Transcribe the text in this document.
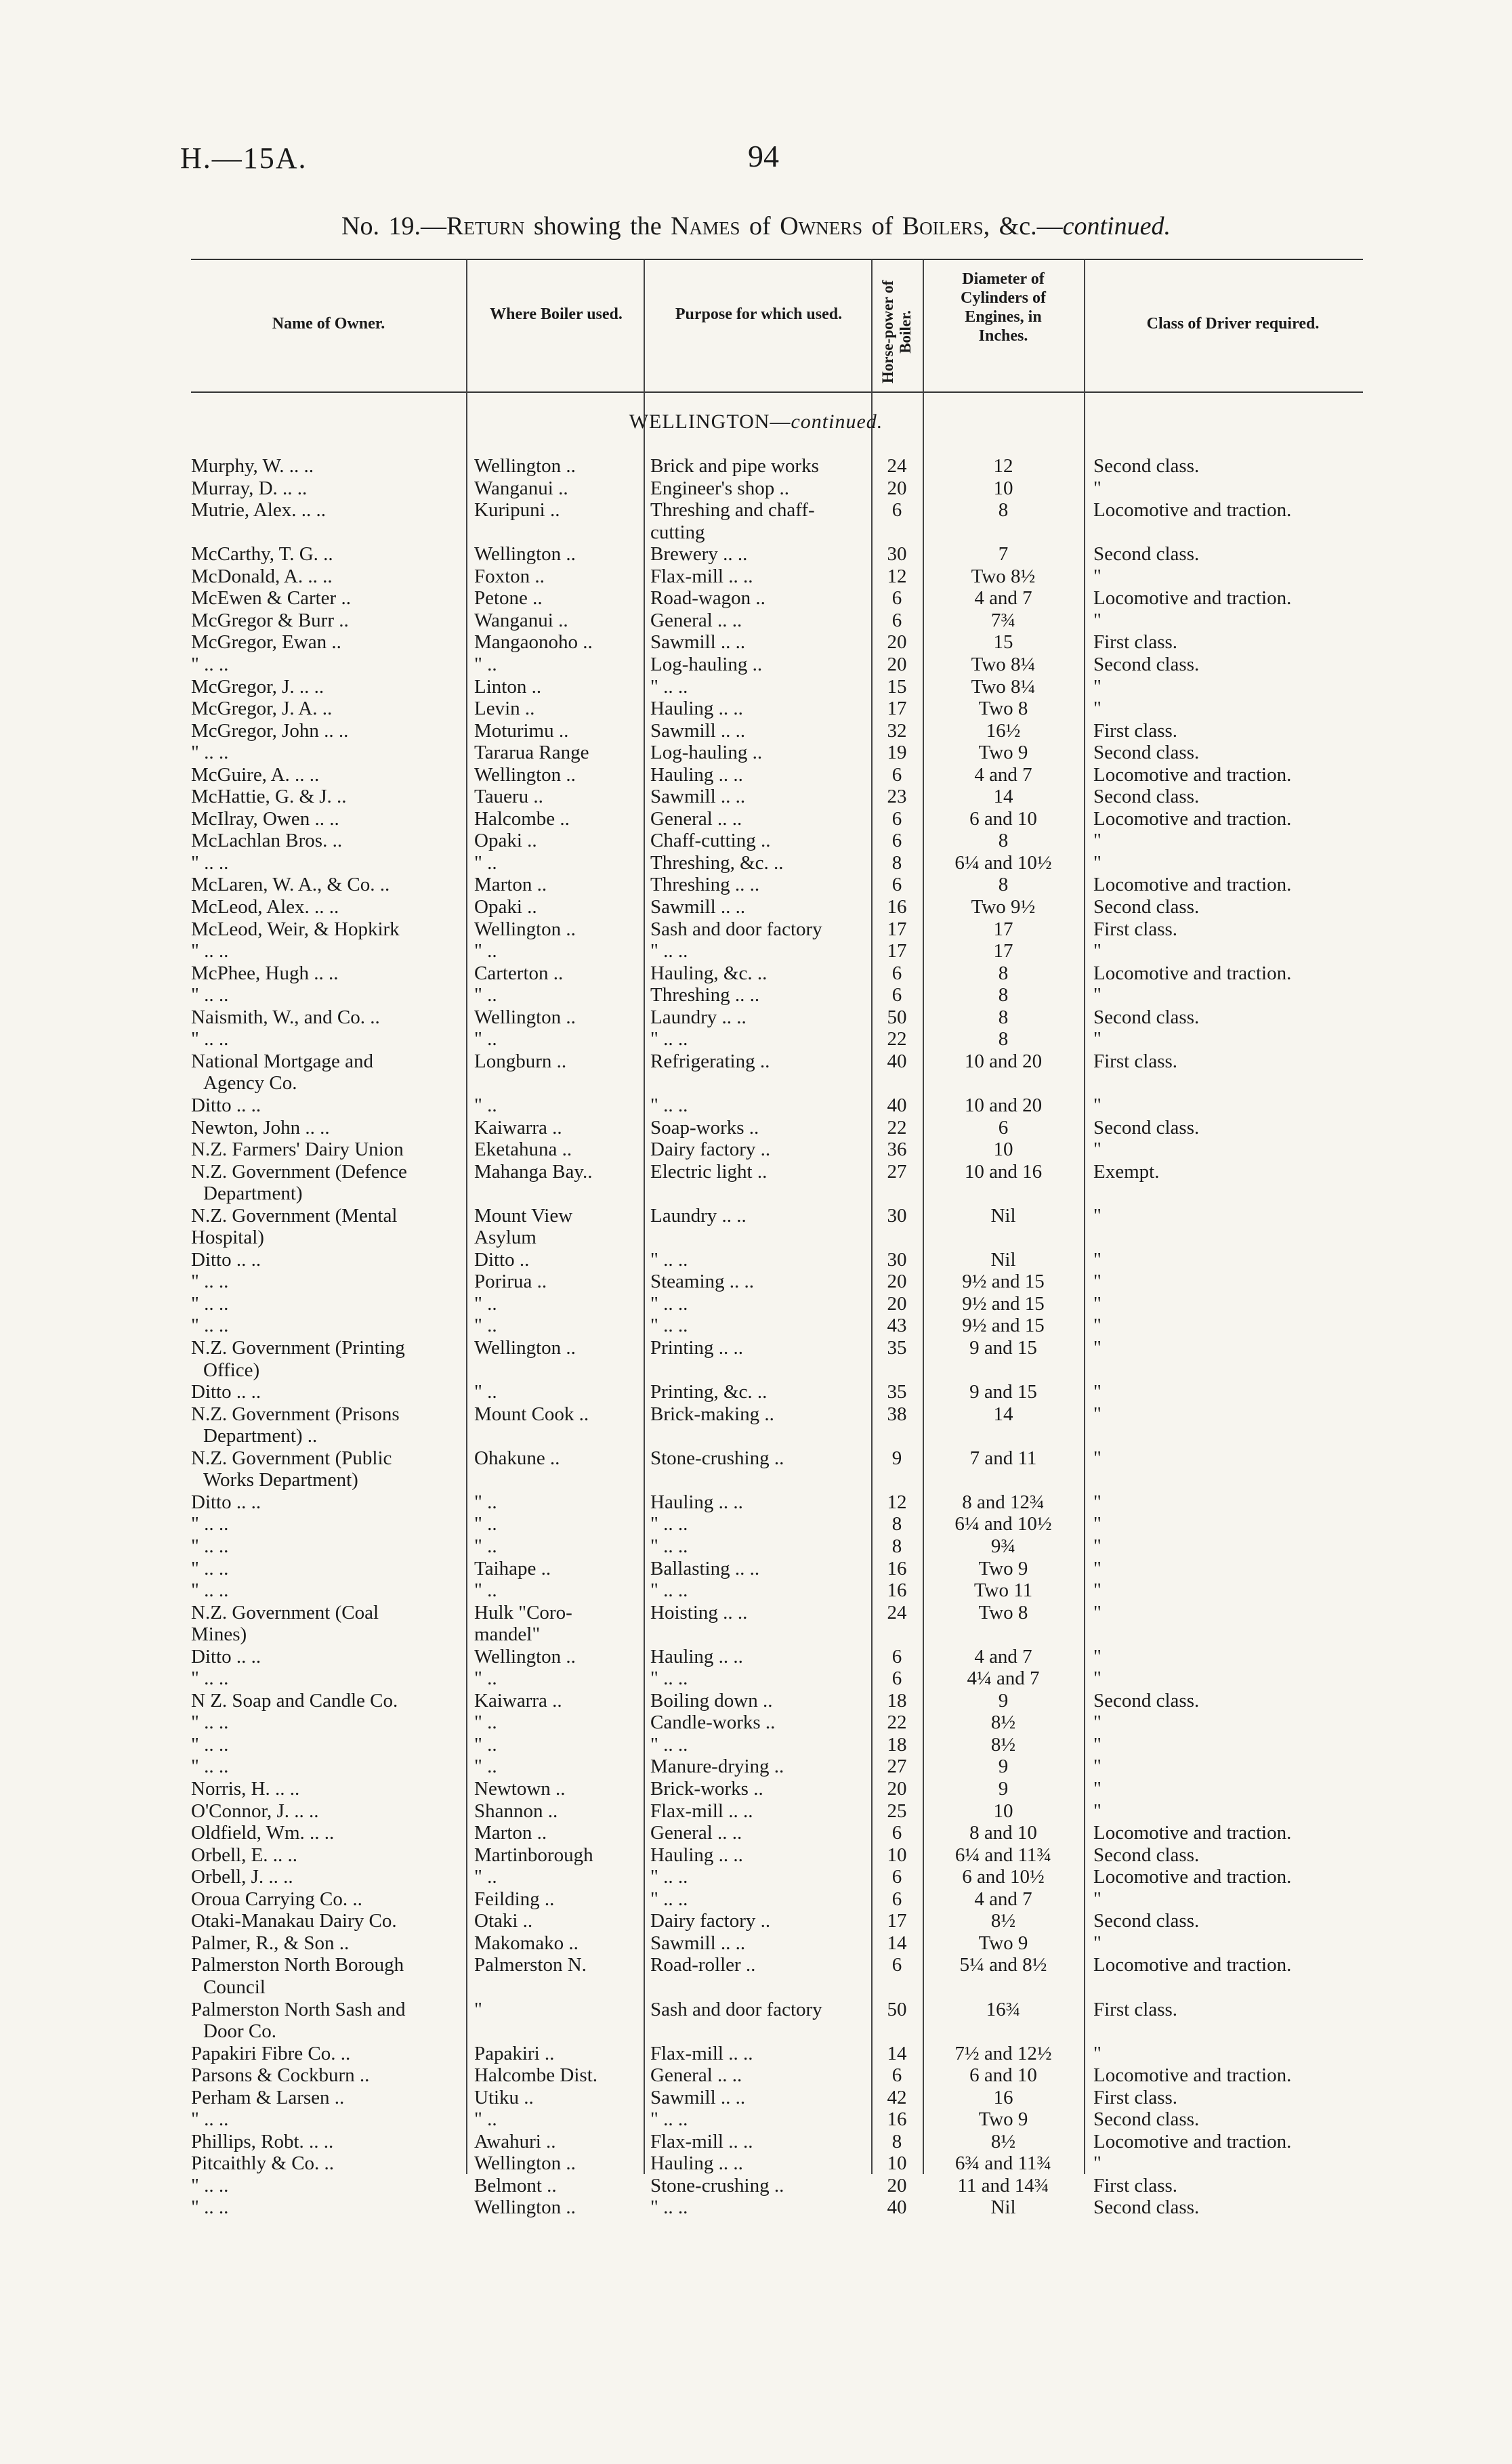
H.—15A.	94
No. 19.—Return showing the Names of Owners of Boilers, &c.—continued.
Name of Owner.
Where Boiler used.	Purpose for which used.	Horse-power of Boiler.
Diameter of Cylinders of Engines, in Inches.
Class of Driver required.
WELLINGTON—continued.
Murphy, W. .. ..	Wellington ..	Brick and pipe works	24	12	Second class.
Murray, D. .. ..	Wanganui ..	Engineer's shop ..	20	10	"
Mutrie, Alex. .. ..	Kuripuni ..	Threshing and chaff-	6	8	Locomotive and traction.
cutting
McCarthy, T. G. ..	Wellington ..	Brewery .. ..	30	7	Second class.
McDonald, A. .. ..	Foxton ..	Flax-mill .. ..	12	Two 8½	"
McEwen & Carter ..	Petone ..	Road-wagon ..	6	4 and 7	Locomotive and traction.
McGregor & Burr ..	Wanganui ..	General .. ..	6	7¾	"
McGregor, Ewan ..	Mangaonoho ..	Sawmill .. ..	20	15	First class.
" .. ..	" ..	Log-hauling ..	20	Two 8¼	Second class.
McGregor, J. .. ..	Linton ..	" .. ..	15	Two 8¼	"
McGregor, J. A. ..	Levin ..	Hauling .. ..	17	Two 8	"
McGregor, John .. ..	Moturimu ..	Sawmill .. ..	32	16½	First class.
" .. ..	Tararua Range	Log-hauling ..	19	Two 9	Second class.
McGuire, A. .. ..	Wellington ..	Hauling .. ..	6	4 and 7	Locomotive and traction.
McHattie, G. & J. ..	Taueru ..	Sawmill .. ..	23	14	Second class.
McIlray, Owen .. ..	Halcombe ..	General .. ..	6	6 and 10	Locomotive and traction.
McLachlan Bros. ..	Opaki ..	Chaff-cutting ..	6	8	"
" .. ..	" ..	Threshing, &c. ..	8	6¼ and 10½	"
McLaren, W. A., & Co. ..	Marton ..	Threshing .. ..	6	8	Locomotive and traction.
McLeod, Alex. .. ..	Opaki ..	Sawmill .. ..	16	Two 9½	Second class.
McLeod, Weir, & Hopkirk	Wellington ..	Sash and door factory	17	17	First class.
" .. ..	" ..	" .. ..	17	17	"
McPhee, Hugh .. ..	Carterton ..	Hauling, &c. ..	6	8	Locomotive and traction.
" .. ..	" ..	Threshing .. ..	6	8	"
Naismith, W., and Co. ..	Wellington ..	Laundry .. ..	50	8	Second class.
" .. ..	" ..	" .. ..	22	8	"
National Mortgage and	Longburn ..	Refrigerating ..	40	10 and 20	First class.
Agency Co.
Ditto .. ..	" ..	" .. ..	40	10 and 20	"
Newton, John .. ..	Kaiwarra ..	Soap-works ..	22	6	Second class.
N.Z. Farmers' Dairy Union	Eketahuna ..	Dairy factory ..	36	10	"
N.Z. Government (Defence	Mahanga Bay..	Electric light ..	27	10 and 16	Exempt.
Department)
N.Z. Government (Mental	Mount View	Laundry .. ..	30	Nil	"
Hospital)	Asylum
Ditto .. ..	Ditto ..	" .. ..	30	Nil	"
" .. ..	Porirua ..	Steaming .. ..	20	9½ and 15	"
" .. ..	" ..	" .. ..	20	9½ and 15	"
" .. ..	" ..	" .. ..	43	9½ and 15	"
N.Z. Government (Printing	Wellington ..	Printing .. ..	35	9 and 15	"
Office)
Ditto .. ..	" ..	Printing, &c. ..	35	9 and 15	"
N.Z. Government (Prisons	Mount Cook ..	Brick-making ..	38	14	"
Department) ..
N.Z. Government (Public	Ohakune ..	Stone-crushing ..	9	7 and 11	"
Works Department)
Ditto .. ..	" ..	Hauling .. ..	12	8 and 12¾	"
" .. ..	" ..	" .. ..	8	6¼ and 10½	"
" .. ..	" ..	" .. ..	8	9¾	"
" .. ..	Taihape ..	Ballasting .. ..	16	Two 9	"
" .. ..	" ..	" .. ..	16	Two 11	"
N.Z. Government (Coal	Hulk "Coro-	Hoisting .. ..	24	Two 8	"
Mines)	mandel"
Ditto .. ..	Wellington ..	Hauling .. ..	6	4 and 7	"
" .. ..	" ..	" .. ..	6	4¼ and 7	"
N Z. Soap and Candle Co.	Kaiwarra ..	Boiling down ..	18	9	Second class.
" .. ..	" ..	Candle-works ..	22	8½	"
" .. ..	" ..	" .. ..	18	8½	"
" .. ..	" ..	Manure-drying ..	27	9	"
Norris, H. .. ..	Newtown ..	Brick-works ..	20	9	"
O'Connor, J. .. ..	Shannon ..	Flax-mill .. ..	25	10	"
Oldfield, Wm. .. ..	Marton ..	General .. ..	6	8 and 10	Locomotive and traction.
Orbell, E. .. ..	Martinborough	Hauling .. ..	10	6¼ and 11¾	Second class.
Orbell, J. .. ..	" ..	" .. ..	6	6 and 10½	Locomotive and traction.
Oroua Carrying Co. ..	Feilding ..	" .. ..	6	4 and 7	"
Otaki-Manakau Dairy Co.	Otaki ..	Dairy factory ..	17	8½	Second class.
Palmer, R., & Son ..	Makomako ..	Sawmill .. ..	14	Two 9	"
Palmerston North Borough	Palmerston N.	Road-roller ..	6	5¼ and 8½	Locomotive and traction.
Council
Palmerston North Sash and	"	Sash and door factory	50	16¾	First class.
Door Co.
Papakiri Fibre Co. ..	Papakiri ..	Flax-mill .. ..	14	7½ and 12½	"
Parsons & Cockburn ..	Halcombe Dist.	General .. ..	6	6 and 10	Locomotive and traction.
Perham & Larsen ..	Utiku ..	Sawmill .. ..	42	16	First class.
" .. ..	" ..	" .. ..	16	Two 9	Second class.
Phillips, Robt. .. ..	Awahuri ..	Flax-mill .. ..	8	8½	Locomotive and traction.
Pitcaithly & Co. ..	Wellington ..	Hauling .. ..	10	6¾ and 11¾	"
" .. ..	Belmont ..	Stone-crushing ..	20	11 and 14¾	First class.
" .. ..	Wellington ..	" .. ..	40	Nil	Second class.
